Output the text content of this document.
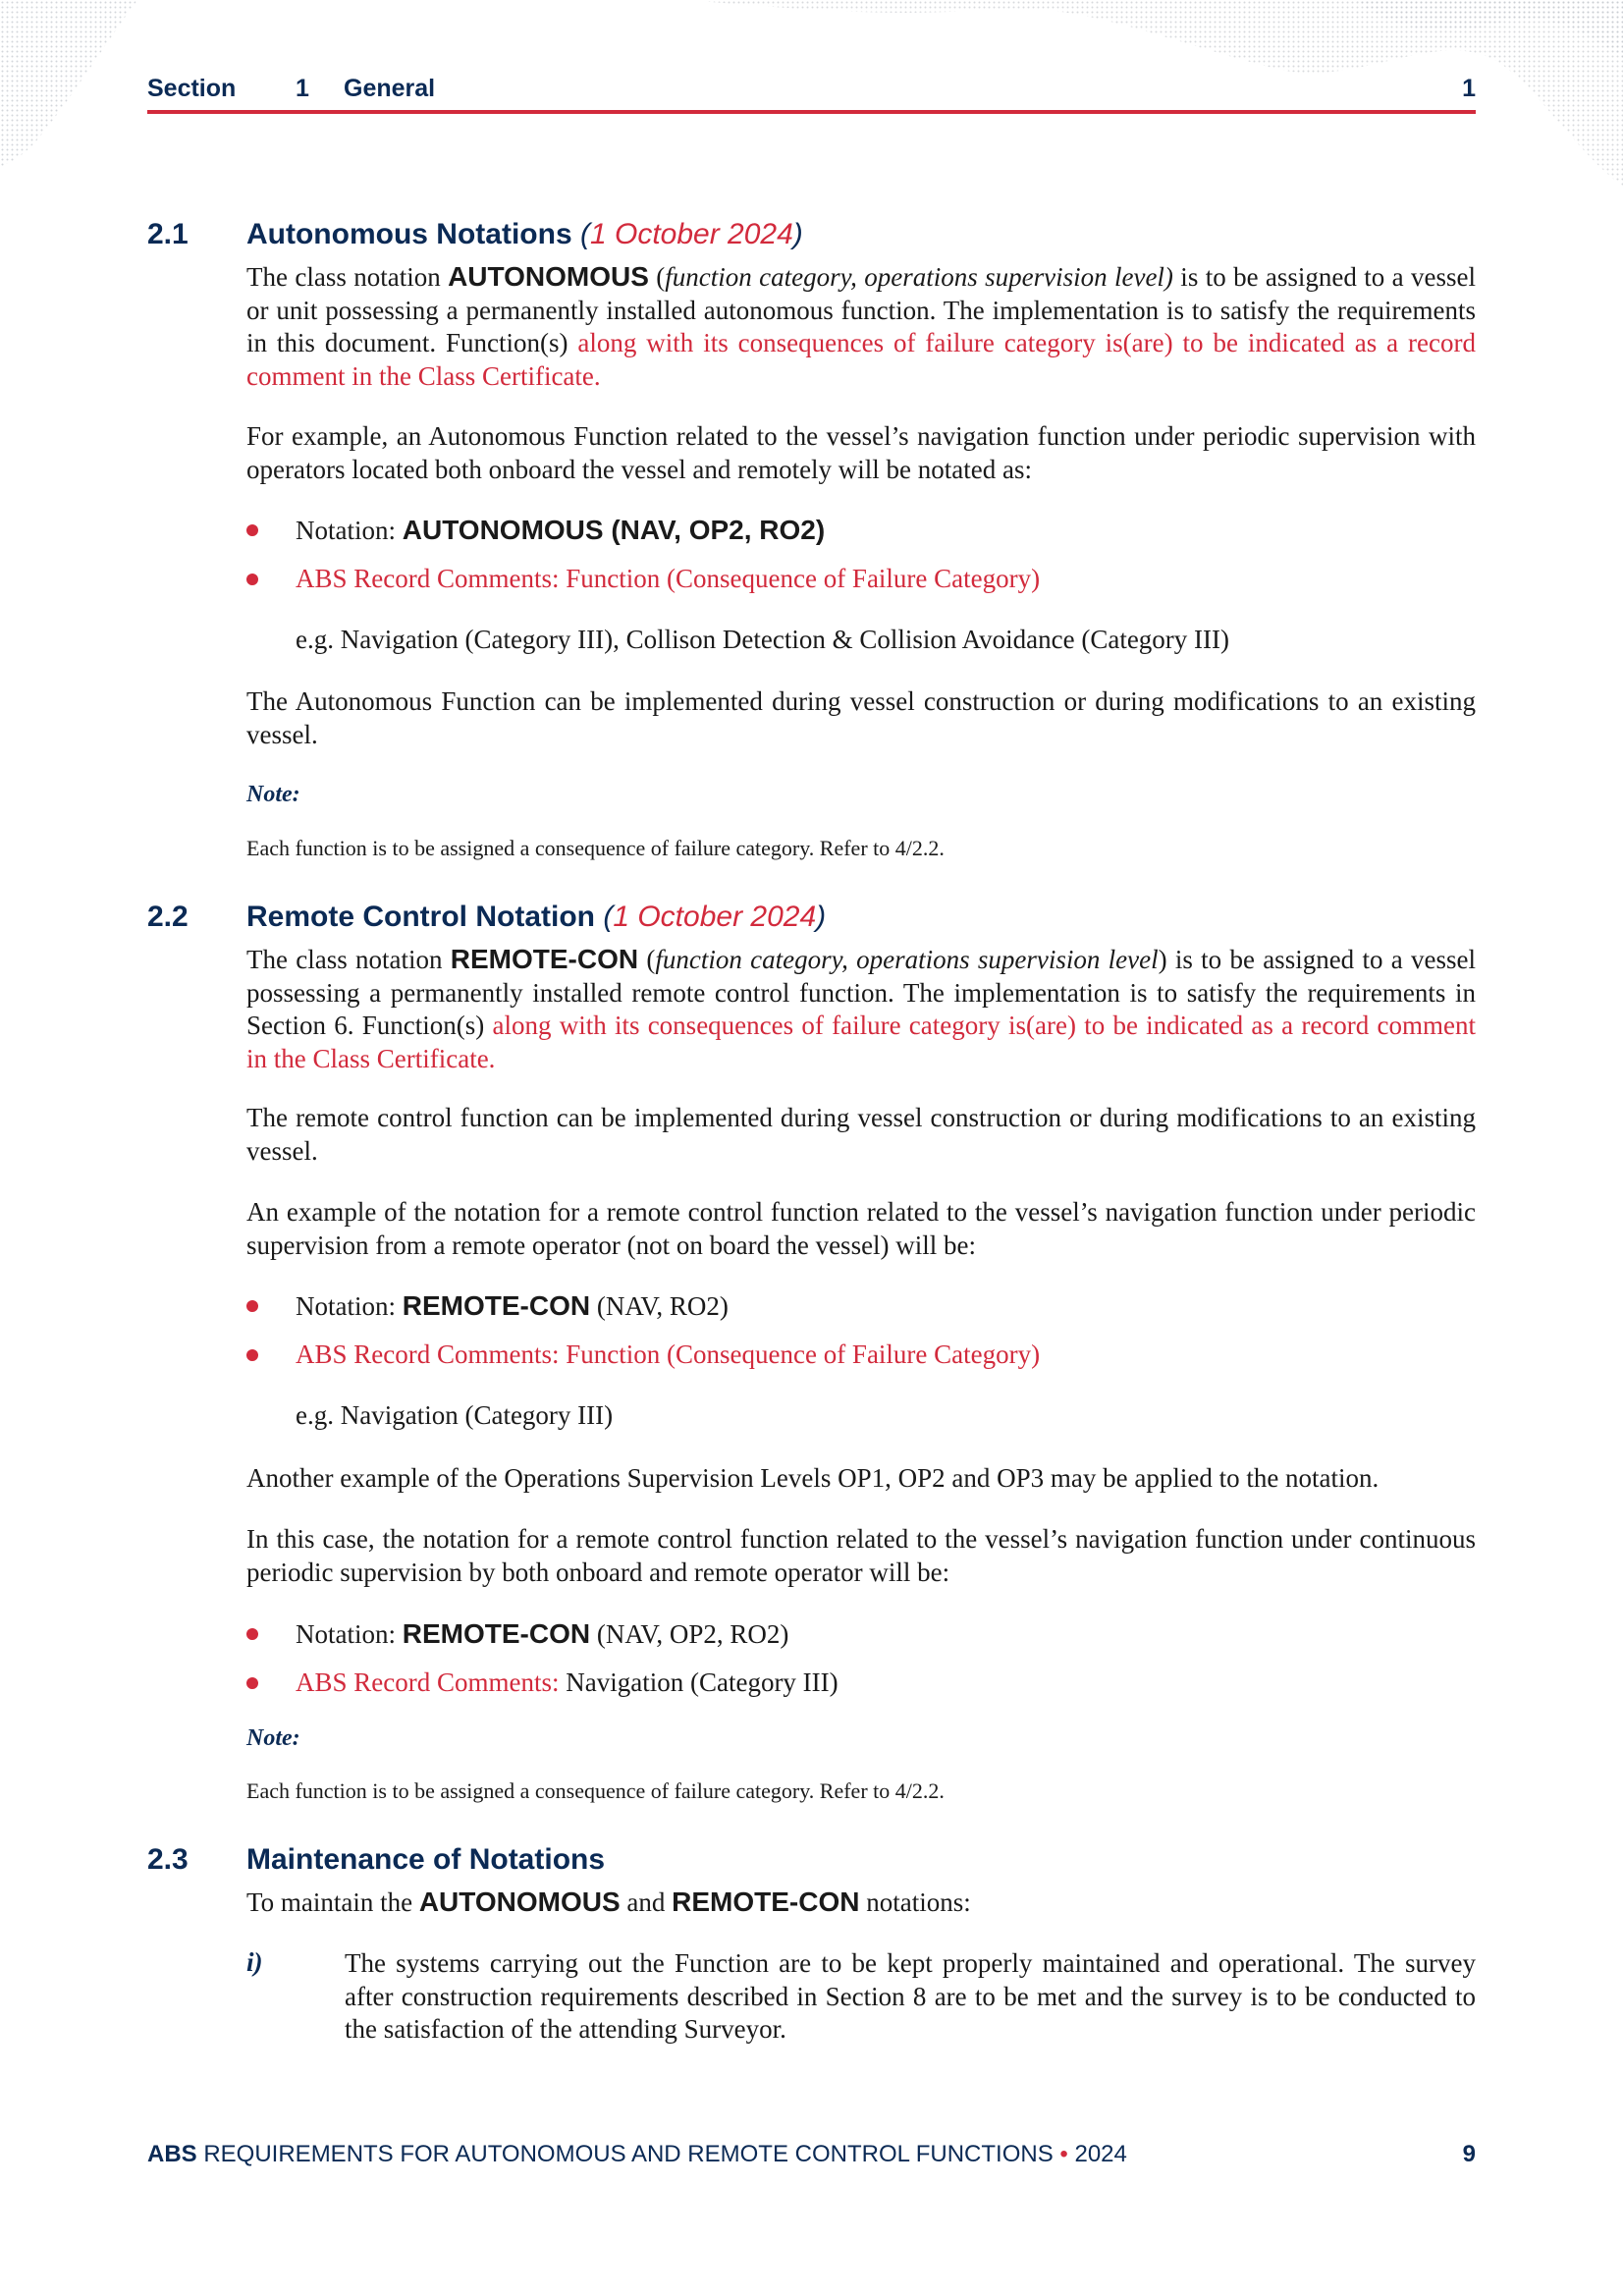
Section 1 General	1
2.1 Autonomous Notations (1 October 2024)
The class notation AUTONOMOUS (function category, operations supervision level) is to be assigned to a vessel or unit possessing a permanently installed autonomous function. The implementation is to satisfy the requirements in this document. Function(s) along with its consequences of failure category is(are) to be indicated as a record comment in the Class Certificate.
For example, an Autonomous Function related to the vessel’s navigation function under periodic supervision with operators located both onboard the vessel and remotely will be notated as:
Notation: AUTONOMOUS (NAV, OP2, RO2)
ABS Record Comments: Function (Consequence of Failure Category)
e.g. Navigation (Category III), Collison Detection & Collision Avoidance (Category III)
The Autonomous Function can be implemented during vessel construction or during modifications to an existing vessel.
Note:
Each function is to be assigned a consequence of failure category. Refer to 4/2.2.
2.2 Remote Control Notation (1 October 2024)
The class notation REMOTE-CON (function category, operations supervision level) is to be assigned to a vessel possessing a permanently installed remote control function. The implementation is to satisfy the requirements in Section 6. Function(s) along with its consequences of failure category is(are) to be indicated as a record comment in the Class Certificate.
The remote control function can be implemented during vessel construction or during modifications to an existing vessel.
An example of the notation for a remote control function related to the vessel’s navigation function under periodic supervision from a remote operator (not on board the vessel) will be:
Notation: REMOTE-CON (NAV, RO2)
ABS Record Comments: Function (Consequence of Failure Category)
e.g. Navigation (Category III)
Another example of the Operations Supervision Levels OP1, OP2 and OP3 may be applied to the notation.
In this case, the notation for a remote control function related to the vessel’s navigation function under continuous periodic supervision by both onboard and remote operator will be:
Notation: REMOTE-CON (NAV, OP2, RO2)
ABS Record Comments: Navigation (Category III)
Note:
Each function is to be assigned a consequence of failure category. Refer to 4/2.2.
2.3 Maintenance of Notations
To maintain the AUTONOMOUS and REMOTE-CON notations:
i)	The systems carrying out the Function are to be kept properly maintained and operational. The survey after construction requirements described in Section 8 are to be met and the survey is to be conducted to the satisfaction of the attending Surveyor.
ABS REQUIREMENTS FOR AUTONOMOUS AND REMOTE CONTROL FUNCTIONS • 2024	9
